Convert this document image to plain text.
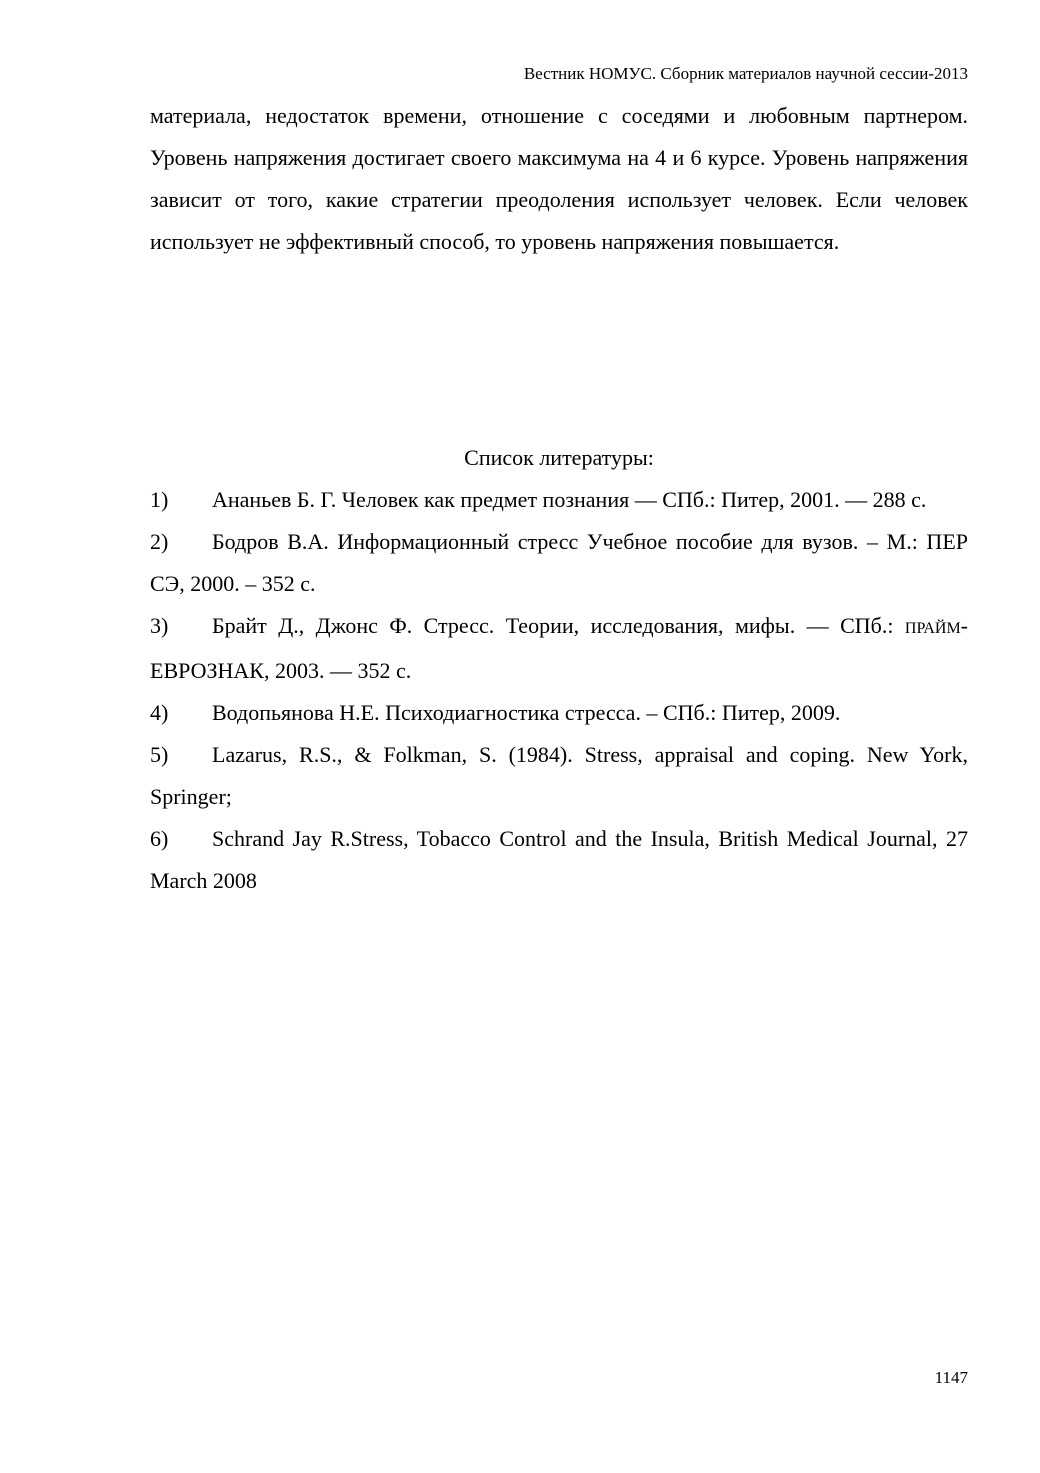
Вестник НОМУС. Сборник материалов научной сессии-2013

материала, недостаток времени, отношение с соседями и любовным партнером. Уровень напряжения достигает своего максимума на 4 и 6 курсе. Уровень напряжения зависит от того, какие стратегии преодоления использует человек. Если человек использует не эффективный способ, то уровень напряжения повышается.

Список литературы:

1) Ананьев Б. Г. Человек как предмет познания — СПб.: Питер, 2001. — 288 с.
2) Бодров В.А. Информационный стресс Учебное пособие для вузов. – М.: ПЕР СЭ, 2000. – 352 с.
3) Брайт Д., Джонс Ф. Стресс. Теории, исследования, мифы. — СПб.: ПРАЙМ-ЕВРОЗНАК, 2003. — 352 с.
4) Водопьянова Н.Е. Психодиагностика стресса. – СПб.: Питер, 2009.
5) Lazarus, R.S., & Folkman, S. (1984). Stress, appraisal and coping. New York, Springer;
6) Schrand Jay R.Stress, Tobacco Control and the Insula, British Medical Journal, 27 March 2008
1147
